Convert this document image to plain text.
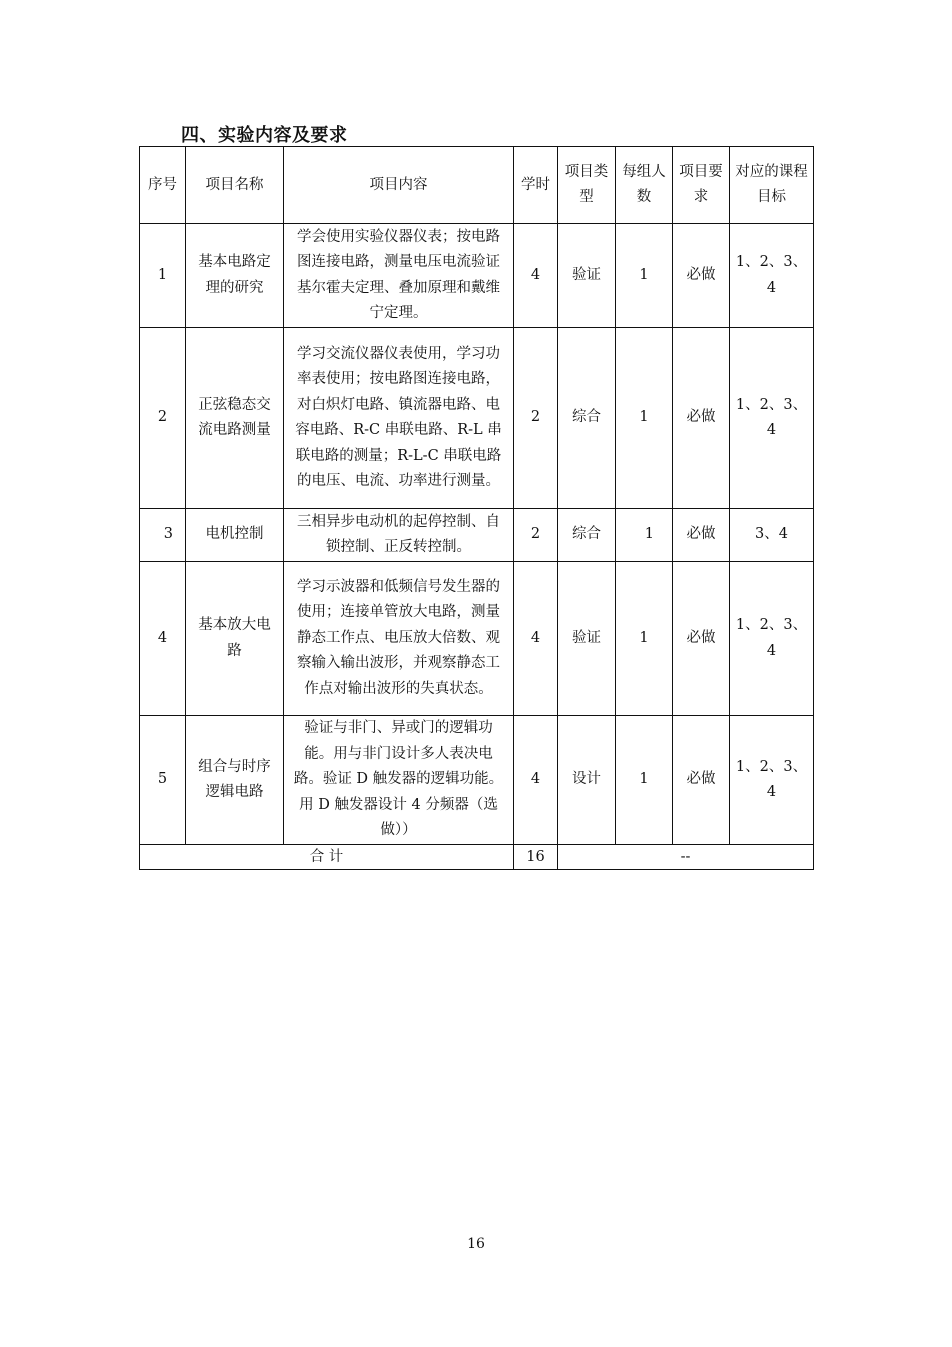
四、实验内容及要求
序号	项目名称	项目内容	学时	项目类型	每组人数	项目要求	对应的课程目标
1	基本电路定理的研究	学会使用实验仪器仪表；按电路图连接电路，测量电压电流验证基尔霍夫定理、叠加原理和戴维宁定理。	4	验证	1	必做	1、2、3、4
2	正弦稳态交流电路测量	学习交流仪器仪表使用，学习功率表使用；按电路图连接电路，对白炽灯电路、镇流器电路、电容电路、R-C 串联电路、R-L 串联电路的测量；R-L-C 串联电路的电压、电流、功率进行测量。	2	综合	1	必做	1、2、3、4
3	电机控制	三相异步电动机的起停控制、自锁控制、正反转控制。	2	综合	1	必做	3、4
4	基本放大电路	学习示波器和低频信号发生器的使用；连接单管放大电路，测量静态工作点、电压放大倍数、观察输入输出波形，并观察静态工作点对输出波形的失真状态。	4	验证	1	必做	1、2、3、4
5	组合与时序逻辑电路	验证与非门、异或门的逻辑功能。用与非门设计多人表决电路。验证 D 触发器的逻辑功能。用 D 触发器设计 4 分频器（选做））	4	设计	1	必做	1、2、3、4
合 计			16	--			
16
